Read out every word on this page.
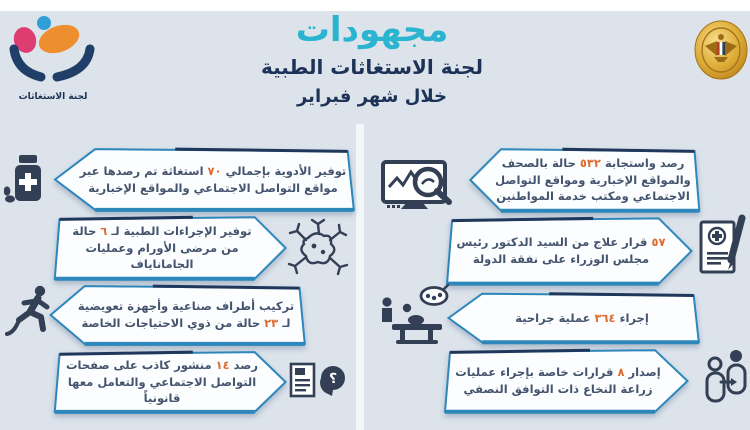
لجنة الاستغاثات
مجهودات
لجنة الاستغاثات الطبية
خلال شهر فبراير
توفير الأدوية بإجمالي ٧٠ استغاثة تم رصدها عبر مواقع التواصل الاجتماعي والمواقع الإخبارية
توفير الإجراءات الطبية لـ ٦ حالة من مرضى الأورام وعمليات الجاماناياف
تركيب أطراف صناعية وأجهزة تعويضية لـ ٢٣ حالة من ذوي الاحتياجات الخاصة
رصد ١٤ منشور كاذب على صفحات التواصل الاجتماعي والتعامل معها قانونياً
؟
رصد واستجابة ٥٣٢ حالة بالصحف والمواقع الإخبارية ومواقع التواصل الاجتماعي ومكتب خدمة المواطنين
٥٧ قرار علاج من السيد الدكتور رئيس مجلس الوزراء على نفقة الدولة
إجراء ٣٦٤ عملية جراحية
إصدار ٨ قرارات خاصة بإجراء عمليات زراعة النخاع ذات التوافق النصفي
